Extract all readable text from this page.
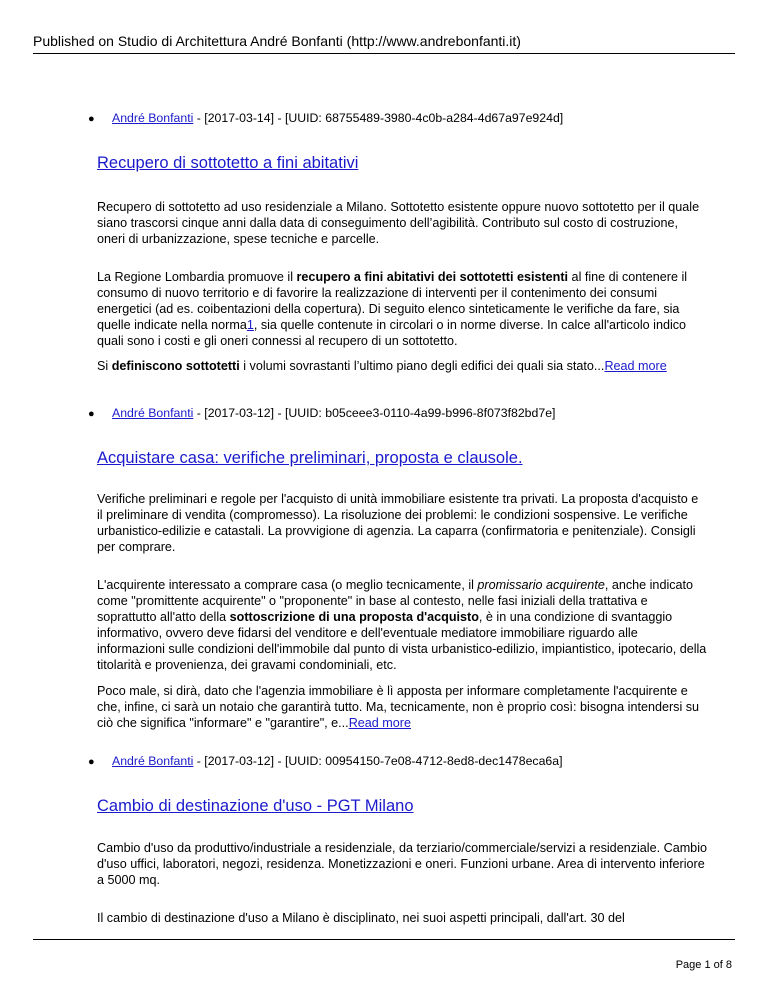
Published on Studio di Architettura André Bonfanti (http://www.andrebonfanti.it)
● André Bonfanti - [2017-03-14] - [UUID: 68755489-3980-4c0b-a284-4d67a97e924d]
Recupero di sottotetto a fini abitativi
Recupero di sottotetto ad uso residenziale a Milano. Sottotetto esistente oppure nuovo sottotetto per il quale siano trascorsi cinque anni dalla data di conseguimento dell’agibilità. Contributo sul costo di costruzione, oneri di urbanizzazione, spese tecniche e parcelle.
La Regione Lombardia promuove il recupero a fini abitativi dei sottotetti esistenti al fine di contenere il consumo di nuovo territorio e di favorire la realizzazione di interventi per il contenimento dei consumi energetici (ad es. coibentazioni della copertura). Di seguito elenco sinteticamente le verifiche da fare, sia quelle indicate nella norma1, sia quelle contenute in circolari o in norme diverse. In calce all'articolo indico quali sono i costi e gli oneri connessi al recupero di un sottotetto.
Si definiscono sottotetti i volumi sovrastanti l’ultimo piano degli edifici dei quali sia stato...Read more
● André Bonfanti - [2017-03-12] - [UUID: b05ceee3-0110-4a99-b996-8f073f82bd7e]
Acquistare casa: verifiche preliminari, proposta e clausole.
Verifiche preliminari e regole per l'acquisto di unità immobiliare esistente tra privati. La proposta d'acquisto e il preliminare di vendita (compromesso). La risoluzione dei problemi: le condizioni sospensive. Le verifiche urbanistico-edilizie e catastali. La provvigione di agenzia. La caparra (confirmatoria e penitenziale). Consigli per comprare.
L'acquirente interessato a comprare casa (o meglio tecnicamente, il promissario acquirente, anche indicato come "promittente acquirente" o "proponente" in base al contesto, nelle fasi iniziali della trattativa e soprattutto all'atto della sottoscrizione di una proposta d'acquisto, è in una condizione di svantaggio informativo, ovvero deve fidarsi del venditore e dell'eventuale mediatore immobiliare riguardo alle informazioni sulle condizioni dell'immobile dal punto di vista urbanistico-edilizio, impiantistico, ipotecario, della titolarità e provenienza, dei gravami condominiali, etc.
Poco male, si dirà, dato che l'agenzia immobiliare è lì apposta per informare completamente l'acquirente e che, infine, ci sarà un notaio che garantirà tutto. Ma, tecnicamente, non è proprio così: bisogna intendersi su ciò che significa "informare" e "garantire", e...Read more
● André Bonfanti - [2017-03-12] - [UUID: 00954150-7e08-4712-8ed8-dec1478eca6a]
Cambio di destinazione d'uso - PGT Milano
Cambio d'uso da produttivo/industriale a residenziale, da terziario/commerciale/servizi a residenziale. Cambio d'uso uffici, laboratori, negozi, residenza. Monetizzazioni e oneri. Funzioni urbane. Area di intervento inferiore a 5000 mq.
Il cambio di destinazione d'uso a Milano è disciplinato, nei suoi aspetti principali, dall'art. 30 del
Page 1 of 8
